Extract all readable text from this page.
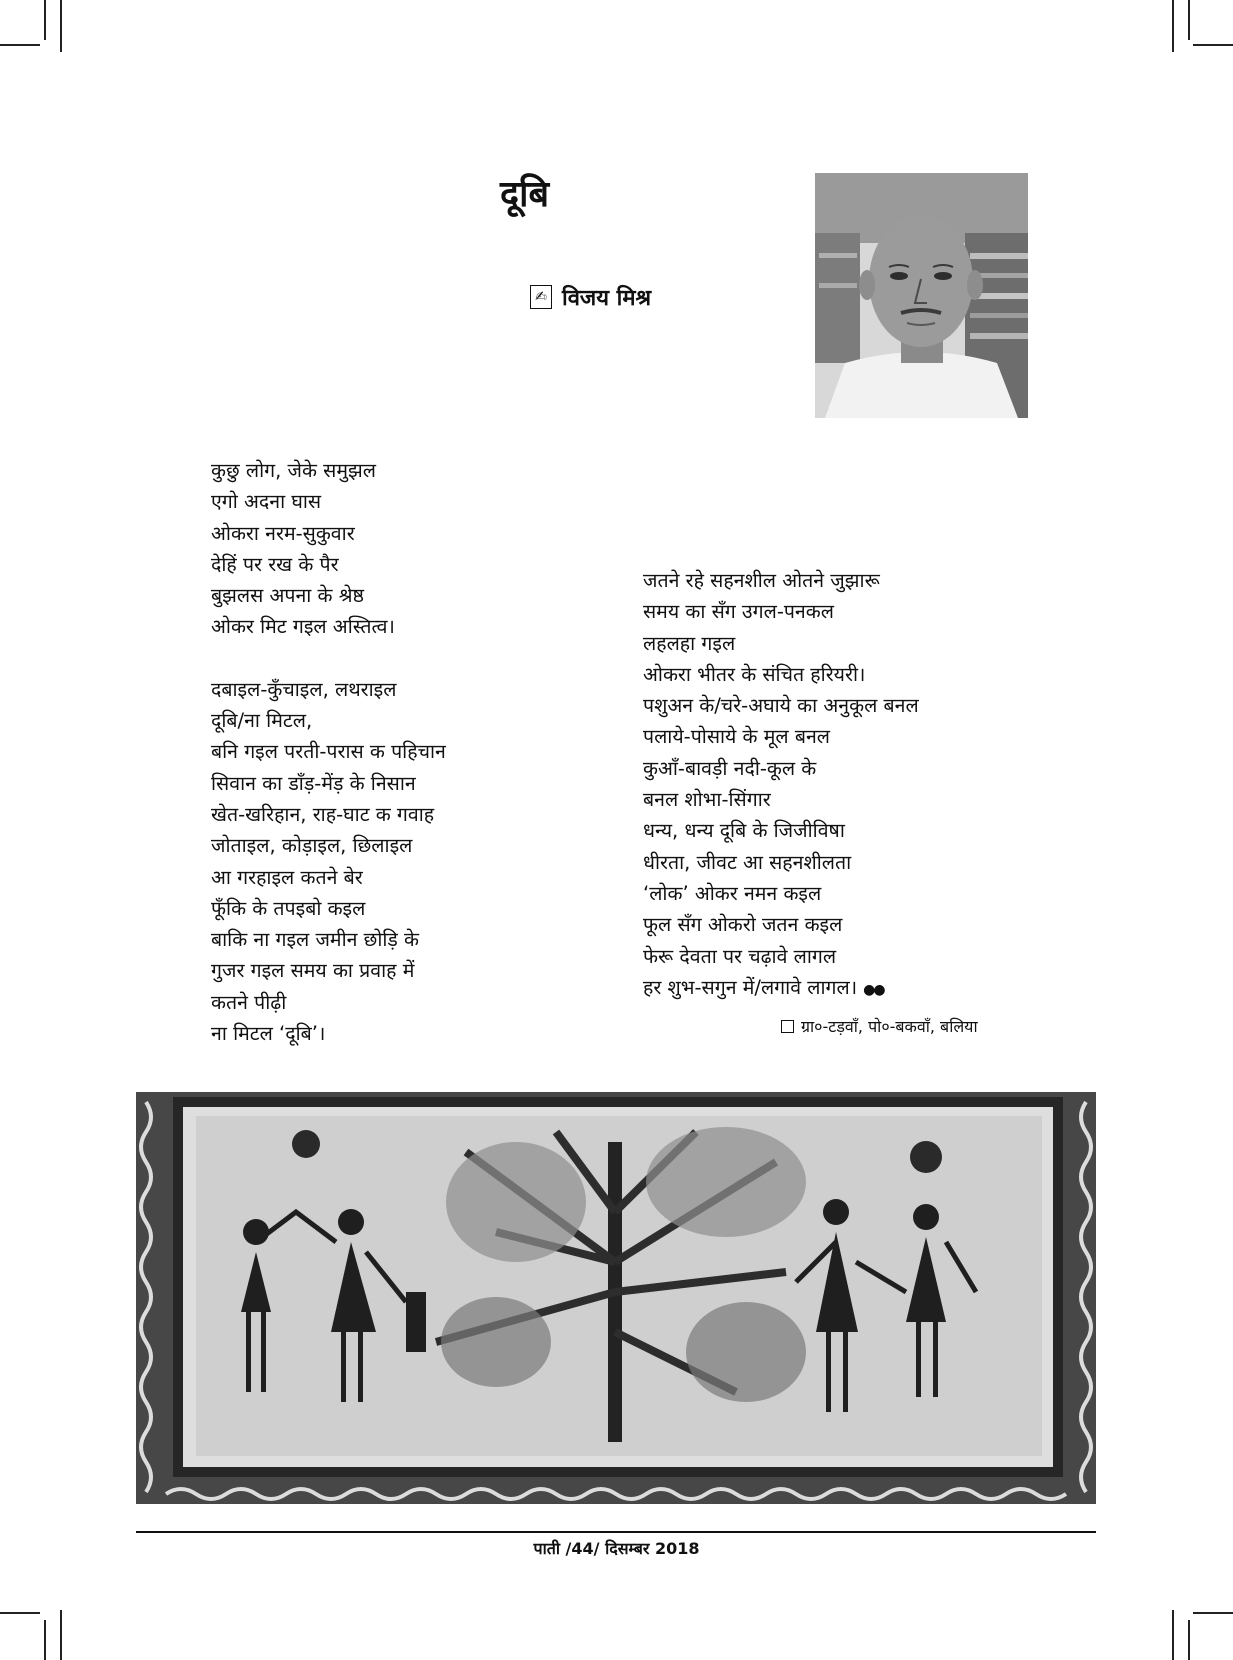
दूबि
✍ विजय मिश्र
कुछु लोग, जेके समुझल
एगो अदना घास
ओकरा नरम-सुकुवार
देहिं पर रख के पैर
बुझलस अपना के श्रेष्ठ
ओकर मिट गइल अस्तित्व।
दबाइल-कुँचाइल, लथराइल
दूबि/ना मिटल,
बनि गइल परती-परास क पहिचान
सिवान का डाँड़-मेंड़ के निसान
खेत-खरिहान, राह-घाट क गवाह
जोताइल, कोड़ाइल, छिलाइल
आ गरहाइल कतने बेर
फूँकि के तपइबो कइल
बाकि ना गइल जमीन छोड़ि के
गुजर गइल समय का प्रवाह में
कतने पीढ़ी
ना मिटल ‘दूबि’।
जतने रहे सहनशील ओतने जुझारू
समय का सँग उगल-पनकल
लहलहा गइल
ओकरा भीतर के संचित हरियरी।
पशुअन के/चरे-अघाये का अनुकूल बनल
पलाये-पोसाये के मूल बनल
कुआँ-बावड़ी नदी-कूल के
बनल शोभा-सिंगार
धन्य, धन्य दूबि के जिजीविषा
धीरता, जीवट आ सहनशीलता
‘लोक’ ओकर नमन कइल
फूल सँग ओकरो जतन कइल
फेरू देवता पर चढ़ावे लागल
हर शुभ-सगुन में/लगावे लागल। ●●
ग्रा०-टड़वाँ, पो०-बकवाँ, बलिया
पाती /44/ दिसम्बर 2018
